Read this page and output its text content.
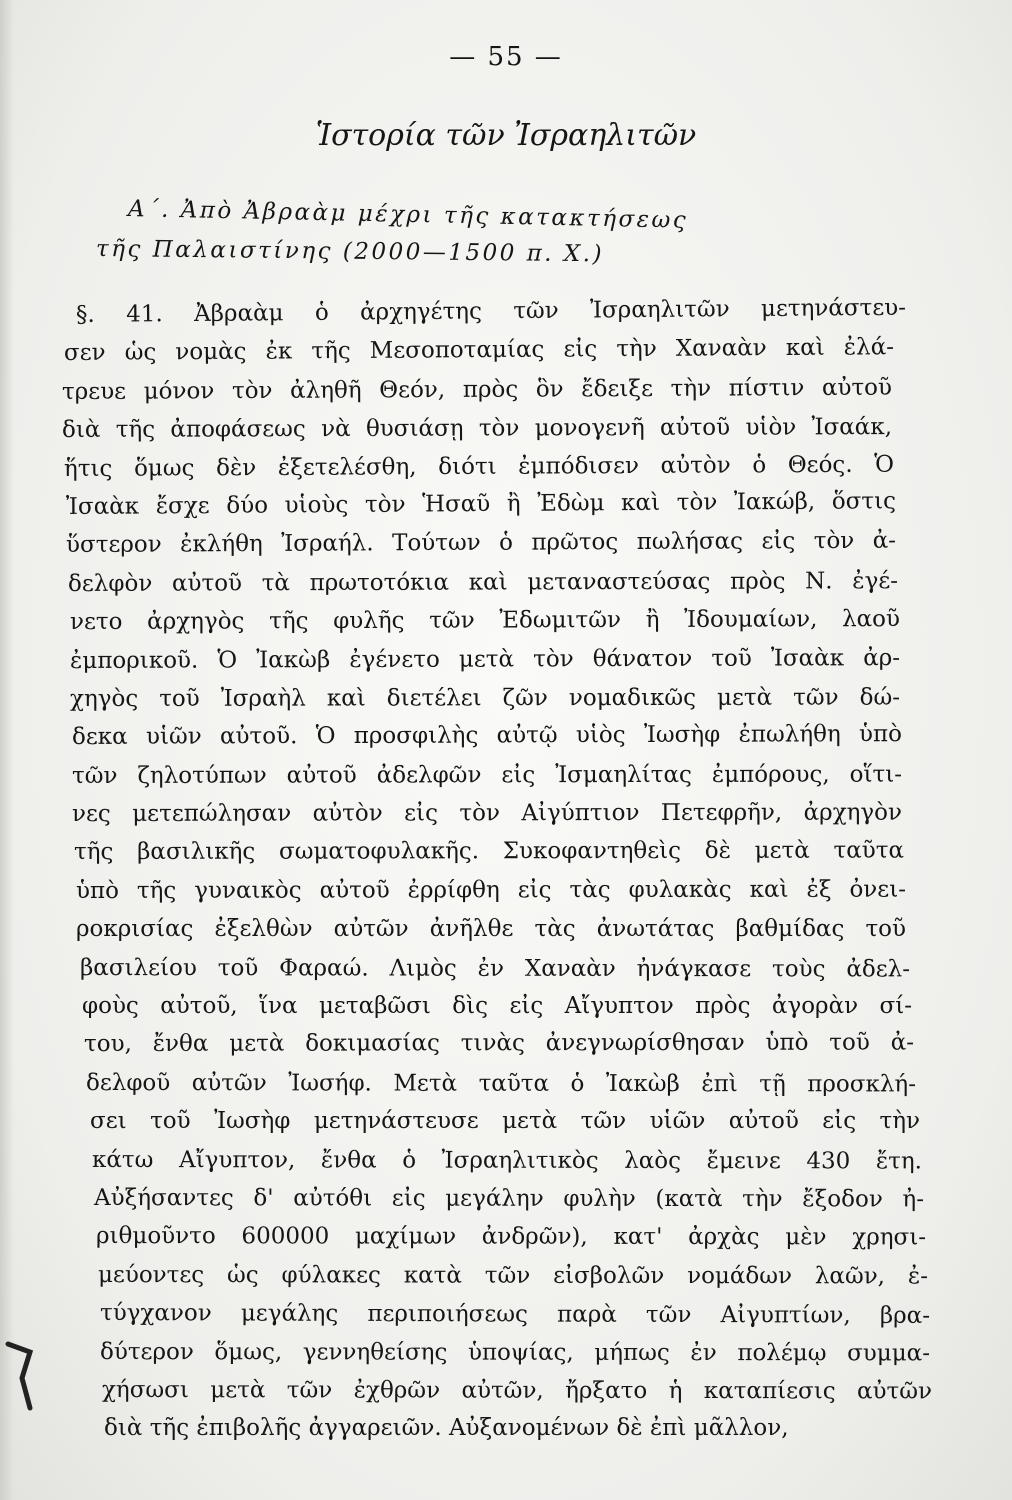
— 55 —
Ἱστορία τῶν Ἰσραηλιτῶν
Α΄. Ἀπὸ Ἀβραὰμ μέχρι τῆς κατακτήσεως
τῆς Παλαιστίνης (2000—1500 π. Χ.)
§. 41. Ἀβραὰμ ὁ ἀρχηγέτης τῶν Ἰσραηλιτῶν μετηνάστευ-
σεν ὡς νομὰς ἐκ τῆς Μεσοποταμίας εἰς τὴν Χαναὰν καὶ ἐλά-
τρευε μόνον τὸν ἀληθῆ Θεόν, πρὸς ὃν ἔδειξε τὴν πίστιν αὐτοῦ
διὰ τῆς ἀποφάσεως νὰ θυσιάσῃ τὸν μονογενῆ αὐτοῦ υἱὸν Ἰσαάκ,
ἥτις ὅμως δὲν ἐξετελέσθη, διότι ἐμπόδισεν αὐτὸν ὁ Θεός. Ὁ
Ἰσαὰκ ἔσχε δύο υἱοὺς τὸν Ἡσαῦ ἢ Ἐδὼμ καὶ τὸν Ἰακώβ, ὅστις
ὕστερον ἐκλήθη Ἰσραήλ. Τούτων ὁ πρῶτος πωλήσας εἰς τὸν ἀ-
δελφὸν αὐτοῦ τὰ πρωτοτόκια καὶ μεταναστεύσας πρὸς Ν. ἐγέ-
νετο ἀρχηγὸς τῆς φυλῆς τῶν Ἐδωμιτῶν ἢ Ἰδουμαίων, λαοῦ
ἐμπορικοῦ. Ὁ Ἰακὼβ ἐγένετο μετὰ τὸν θάνατον τοῦ Ἰσαὰκ ἀρ-
χηγὸς τοῦ Ἰσραὴλ καὶ διετέλει ζῶν νομαδικῶς μετὰ τῶν δώ-
δεκα υἱῶν αὐτοῦ. Ὁ προσφιλὴς αὐτῷ υἱὸς Ἰωσὴφ ἐπωλήθη ὑπὸ
τῶν ζηλοτύπων αὐτοῦ ἀδελφῶν εἰς Ἰσμαηλίτας ἐμπόρους, οἵτι-
νες μετεπώλησαν αὐτὸν εἰς τὸν Αἰγύπτιον Πετεφρῆν, ἀρχηγὸν
τῆς βασιλικῆς σωματοφυλακῆς. Συκοφαντηθεὶς δὲ μετὰ ταῦτα
ὑπὸ τῆς γυναικὸς αὐτοῦ ἐρρίφθη εἰς τὰς φυλακὰς καὶ ἐξ ὀνει-
ροκρισίας ἐξελθὼν αὐτῶν ἀνῆλθε τὰς ἀνωτάτας βαθμίδας τοῦ
βασιλείου τοῦ Φαραώ. Λιμὸς ἐν Χαναὰν ἠνάγκασε τοὺς ἀδελ-
φοὺς αὐτοῦ, ἵνα μεταβῶσι δὶς εἰς Αἴγυπτον πρὸς ἀγορὰν σί-
του, ἔνθα μετὰ δοκιμασίας τινὰς ἀνεγνωρίσθησαν ὑπὸ τοῦ ἀ-
δελφοῦ αὐτῶν Ἰωσήφ. Μετὰ ταῦτα ὁ Ἰακὼβ ἐπὶ τῇ προσκλή-
σει τοῦ Ἰωσὴφ μετηνάστευσε μετὰ τῶν υἱῶν αὐτοῦ εἰς τὴν
κάτω Αἴγυπτον, ἔνθα ὁ Ἰσραηλιτικὸς λαὸς ἔμεινε 430 ἔτη.
Αὐξήσαντες δ' αὐτόθι εἰς μεγάλην φυλὴν (κατὰ τὴν ἔξοδον ἠ-
ριθμοῦντο 600000 μαχίμων ἀνδρῶν), κατ' ἀρχὰς μὲν χρησι-
μεύοντες ὡς φύλακες κατὰ τῶν εἰσβολῶν νομάδων λαῶν, ἐ-
τύγχανον μεγάλης περιποιήσεως παρὰ τῶν Αἰγυπτίων, βρα-
δύτερον ὅμως, γεννηθείσης ὑποψίας, μήπως ἐν πολέμῳ συμμα-
χήσωσι μετὰ τῶν ἐχθρῶν αὐτῶν, ἤρξατο ἡ καταπίεσις αὐτῶν
διὰ τῆς ἐπιβολῆς ἀγγαρειῶν. Αὐξανομένων δὲ ἐπὶ μᾶλλον,
